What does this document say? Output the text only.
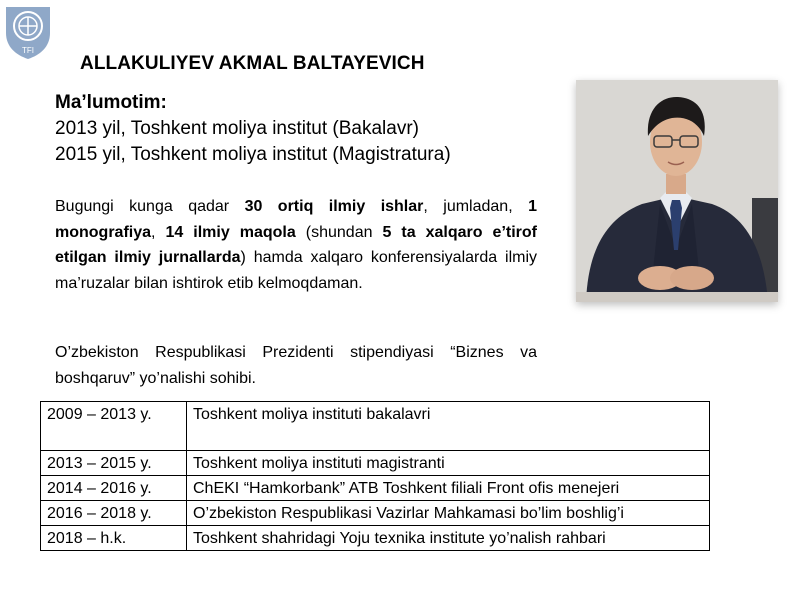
TFI
ALLAKULIYEV AKMAL BALTAYEVICH
Ma’lumotim:
2013 yil, Toshkent moliya institut (Bakalavr)
2015 yil, Toshkent moliya institut (Magistratura)
Bugungi kunga qadar 30 ortiq ilmiy ishlar, jumladan, 1 monografiya, 14 ilmiy maqola (shundan 5 ta xalqaro e’tirof etilgan ilmiy jurnallarda) hamda xalqaro konferensiyalarda ilmiy ma’ruzalar bilan ishtirok etib kelmoqdaman.
O’zbekiston Respublikasi Prezidenti stipendiyasi “Biznes va boshqaruv” yo’nalishi sohibi.
2009 – 2013 y.	Toshkent moliya instituti bakalavri
2013 – 2015 y.	Toshkent moliya instituti magistranti
2014 – 2016 y.	ChEKI “Hamkorbank” ATB Toshkent filiali Front ofis menejeri
2016 – 2018 y.	O’zbekiston Respublikasi Vazirlar Mahkamasi bo’lim boshlig’i
2018 – h.k.	Toshkent shahridagi Yoju texnika institute yo’nalish rahbari
